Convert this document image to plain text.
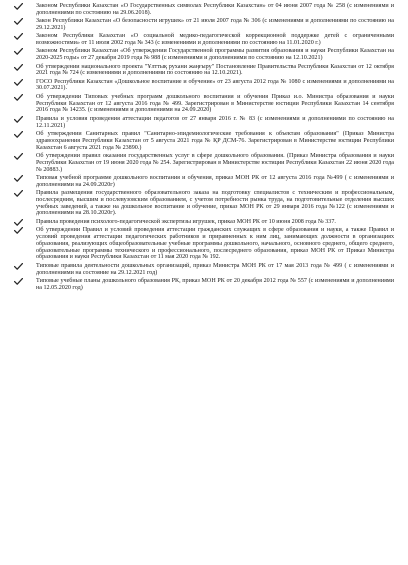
Законом Республики Казахстан «О Государственных символах Республики Казахстан» от 04 июня 2007 года № 258 (с изменениями и дополнениями по состоянию на 29.06.2018).
Закон Республики Казахстан «О безопасности игрушек» от 21 июля 2007 года № 306 (с изменениями и дополнениями по состоянию на 29.12.2021)
Законом Республики Казахстан «О социальной медико-педагогической коррекционной поддержке детей с ограниченными возможностями» от 11 июля 2002 года № 343 (с изменениями и дополнениями по состоянию на 11.01.2020 г.)
Законом Республики Казахстан «Об утверждении Государственной программы развития образования и науки Республики Казахстан на 2020-2025 годы» от 27 декабря 2019 года № 988 (с изменениями и дополнениями по состоянию на 12.10.2021)
Об утверждении национального проекта "Ұлттық рухани жаңғыру" Постановление Правительства Республики Казахстан от 12 октября 2021 года № 724 (с изменениями и дополнениями по состоянию на 12.10.2021).
ГОСО Республики Казахстан «Дошкольное воспитание и обучение» от 23 августа 2012 года № 1080 с изменениями и дополнениями на 30.07.2021).
Об утверждении Типовых учебных программ дошкольного воспитания и обучения Приказ и.о. Министра образования и науки Республики Казахстан от 12 августа 2016 года № 499. Зарегистрирован в Министерстве юстиции Республики Казахстан 14 сентября 2016 года № 14235. (с изменениями и дополнениями на 24.09.2020)
Правила и условия проведения аттестации педагогов от 27 января 2016 г. № 83 (с изменениями и дополнениями по состоянию на 12.11.2021)
Об утверждении Санитарных правил "Санитарно-эпидемиологические требования к объектам образования" (Приказ Министра здравоохранения Республики Казахстан от 5 августа 2021 года № ҚР ДСМ-76. Зарегистрирован в Министерстве юстиции Республики Казахстан 6 августа 2021 года № 23890.)
Об утверждении правил оказания государственных услуг в сфере дошкольного образования. (Приказ Министра образования и науки Республики Казахстан от 19 июня 2020 года № 254. Зарегистрирован в Министерстве юстиции Республики Казахстан 22 июня 2020 года № 20883.)
Типовая учебной программе дошкольного воспитания и обучения, приказ МОН РК от 12 августа 2016 года №499 ( с изменениями и дополнениями на 24.09.2020г)
Правила размещения государственного образовательного заказа на подготовку специалистов с техническим и профессиональным, послесредним, высшим и послевузовским образованием, с учетом потребности рынка труда, на подготовительные отделения высших учебных заведений, а также на дошкольное воспитание и обучение, приказ МОН РК от 29 января 2016 года №122 (с изменениями и дополнениями на 28.10.2020г).
Правила проведения психолого-педагогической экспертизы игрушек, приказ МОН РК от 10 июня 2008 года № 337.
Об утверждении Правил и условий проведения аттестации гражданских служащих в сфере образования и науки, а также Правил и условий проведения аттестации педагогических работников и приравненных к ним лиц, занимающих должности в организациях образования, реализующих общеобразовательные учебные программы дошкольного, начального, основного среднего, общего среднего, образовательные программы технического и профессионального, послесреднего образования, приказ МОН РК от Приказ Министра образования и науки Республики Казахстан от 11 мая 2020 года № 192.
Типовые правила деятельности дошкольных организаций, приказ Министра МОН РК от 17 мая 2013 года № 499 ( с изменениями и дополнениями на состояние на 29.12.2021 год)
Типовые учебные планы дошкольного образования РК, приказ МОН РК от 20 декабря 2012 года № 557 (с изменениями и дополнениями на 12.05.2020 год)
